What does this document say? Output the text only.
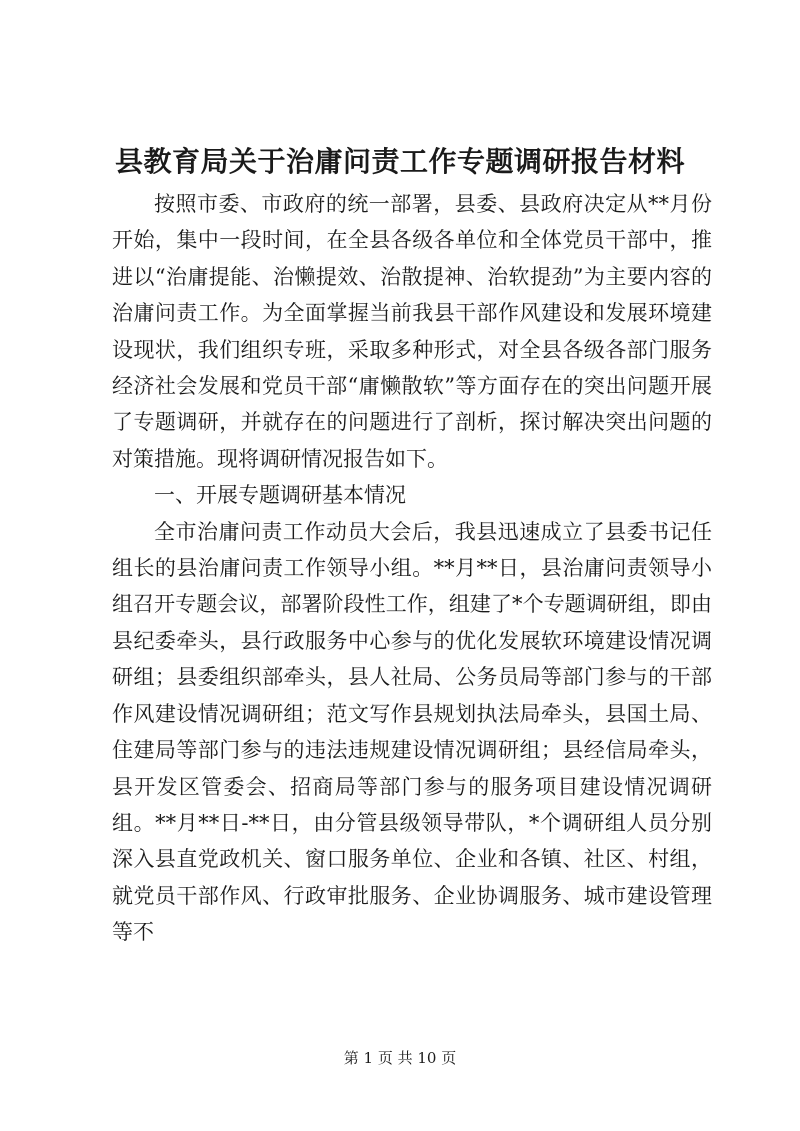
县教育局关于治庸问责工作专题调研报告材料

按照市委、市政府的统一部署，县委、县政府决定从**月份开始，集中一段时间，在全县各级各单位和全体党员干部中，推进以“治庸提能、治懒提效、治散提神、治软提劲”为主要内容的治庸问责工作。为全面掌握当前我县干部作风建设和发展环境建设现状，我们组织专班，采取多种形式，对全县各级各部门服务经济社会发展和党员干部“庸懒散软”等方面存在的突出问题开展了专题调研，并就存在的问题进行了剖析，探讨解决突出问题的对策措施。现将调研情况报告如下。

一、开展专题调研基本情况

全市治庸问责工作动员大会后，我县迅速成立了县委书记任组长的县治庸问责工作领导小组。**月**日，县治庸问责领导小组召开专题会议，部署阶段性工作，组建了*个专题调研组，即由县纪委牵头，县行政服务中心参与的优化发展软环境建设情况调研组；县委组织部牵头，县人社局、公务员局等部门参与的干部作风建设情况调研组；范文写作县规划执法局牵头，县国土局、住建局等部门参与的违法违规建设情况调研组；县经信局牵头，县开发区管委会、招商局等部门参与的服务项目建设情况调研组。**月**日-**日，由分管县级领导带队，*个调研组人员分别深入县直党政机关、窗口服务单位、企业和各镇、社区、村组，就党员干部作风、行政审批服务、企业协调服务、城市建设管理等不

第 1 页 共 10 页
